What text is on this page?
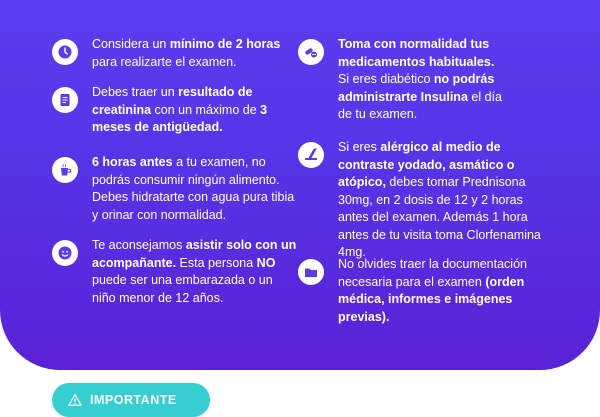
Considera un mínimo de 2 horas para realizarte el examen.
Debes traer un resultado de creatinina con un máximo de 3 meses de antigüedad.
6 horas antes a tu examen, no podrás consumir ningún alimento. Debes hidratarte con agua pura tibia y orinar con normalidad.
Te aconsejamos asistir solo con un acompañante. Esta persona NO puede ser una embarazada o un niño menor de 12 años.
Toma con normalidad tus medicamentos habituales. Si eres diabético no podrás administrarte Insulina el día de tu examen.
Si eres alérgico al medio de contraste yodado, asmático o atópico, debes tomar Prednisona 30mg, en 2 dosis de 12 y 2 horas antes del examen. Además 1 hora antes de tu visita toma Clorfenamina 4mg.
No olvides traer la documentación necesaria para el examen (orden médica, informes e imágenes previas).
IMPORTANTE
